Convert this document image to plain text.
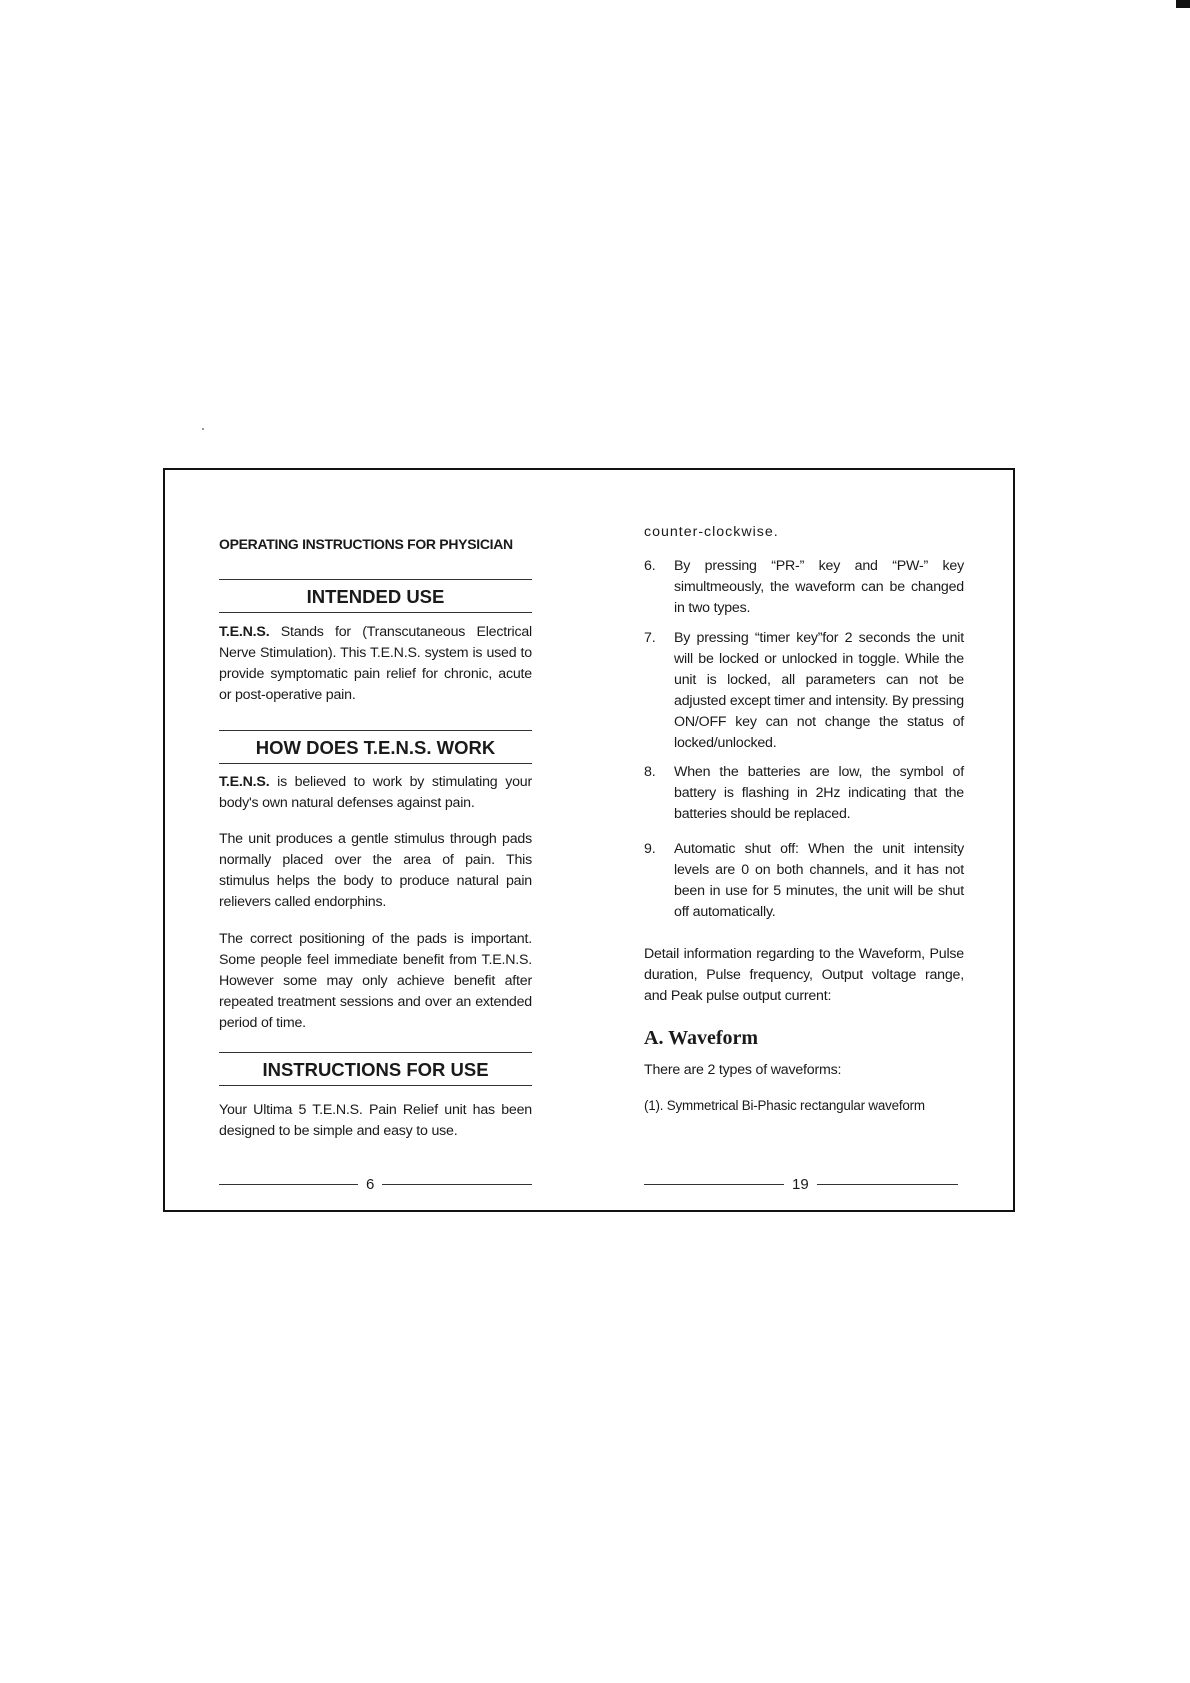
OPERATING INSTRUCTIONS FOR PHYSICIAN
INTENDED USE
T.E.N.S. Stands for (Transcutaneous Electrical Nerve Stimulation). This T.E.N.S. system is used to provide symptomatic pain relief for chronic, acute or post-operative pain.
HOW DOES T.E.N.S. WORK
T.E.N.S. is believed to work by stimulating your body's own natural defenses against pain.
The unit produces a gentle stimulus through pads normally placed over the area of pain. This stimulus helps the body to produce natural pain relievers called endorphins.
The correct positioning of the pads is important. Some people feel immediate benefit from T.E.N.S. However some may only achieve benefit after repeated treatment sessions and over an extended period of time.
INSTRUCTIONS FOR USE
Your Ultima 5 T.E.N.S. Pain Relief unit has been designed to be simple and easy to use.
6
counter-clockwise.
6. By pressing “PR-” key and “PW-” key simultmeously, the waveform can be changed in two types.
7. By pressing “timer key”for 2 seconds the unit will be locked or unlocked in toggle. While the unit is locked, all parameters can not be adjusted except timer and intensity. By pressing ON/OFF key can not change the status of locked/unlocked.
8. When the batteries are low, the symbol of battery is flashing in 2Hz indicating that the batteries should be replaced.
9. Automatic shut off: When the unit intensity levels are 0 on both channels, and it has not been in use for 5 minutes, the unit will be shut off automatically.
Detail information regarding to the Waveform, Pulse duration, Pulse frequency, Output voltage range, and Peak pulse output current:
A. Waveform
There are 2 types of waveforms:
(1). Symmetrical Bi-Phasic rectangular waveform
19
